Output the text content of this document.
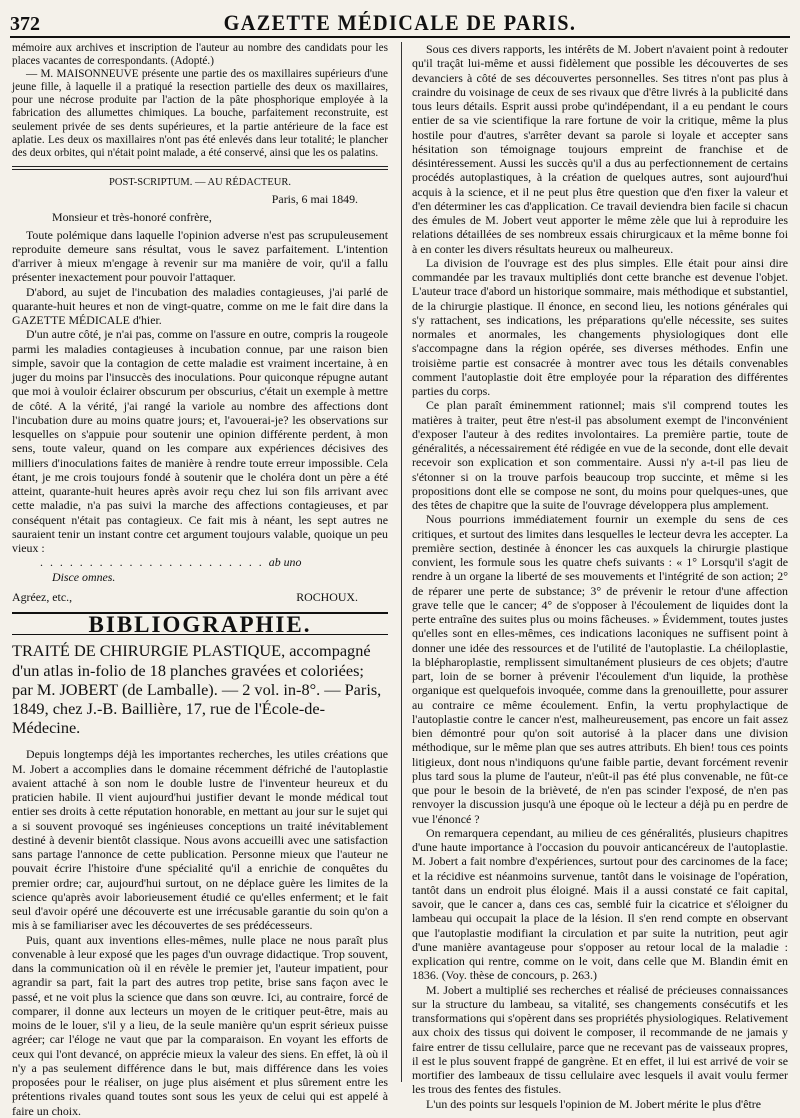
372	GAZETTE MÉDICALE DE PARIS.

mémoire aux archives et inscription de l'auteur au nombre des candidats pour les places vacantes de correspondants. (Adopté.)

— M. MAISONNEUVE présente une partie des os maxillaires supérieurs d'une jeune fille, à laquelle il a pratiqué la resection partielle des deux os maxillaires, pour une nécrose produite par l'action de la pâte phosphorique employée à la fabrication des allumettes chimiques. La bouche, parfaitement reconstruite, est seulement privée de ses dents supérieures, et la partie antérieure de la face est aplatie. Les deux os maxillaires n'ont pas été enlevés dans leur totalité; le plancher des deux orbites, qui n'était point malade, a été conservé, ainsi que les os palatins.

POST-SCRIPTUM. — AU RÉDACTEUR.

Paris, 6 mai 1849.

Monsieur et très-honoré confrère,

Toute polémique dans laquelle l'opinion adverse n'est pas scrupuleusement reproduite demeure sans résultat, vous le savez parfaitement. L'intention d'arriver à mieux m'engage à revenir sur ma manière de voir, qu'il a fallu présenter inexactement pour pouvoir l'attaquer.

D'abord, au sujet de l'incubation des maladies contagieuses, j'ai parlé de quarante-huit heures et non de vingt-quatre, comme on me le fait dire dans la GAZETTE MÉDICALE d'hier.

D'un autre côté, je n'ai pas, comme on l'assure en outre, compris la rougeole parmi les maladies contagieuses à incubation connue, par une raison bien simple, savoir que la contagion de cette maladie est vraiment incertaine, à en juger du moins par l'insuccès des inoculations. Pour quiconque répugne autant que moi à vouloir éclairer obscurum per obscurius, c'était un exemple à mettre de côté. A la vérité, j'ai rangé la variole au nombre des affections dont l'incubation dure au moins quatre jours; et, l'avouerai-je? les observations sur lesquelles on s'appuie pour soutenir une opinion différente perdent, à mon sens, toute valeur, quand on les compare aux expériences décisives des milliers d'inoculations faites de manière à rendre toute erreur impossible. Cela étant, je me crois toujours fondé à soutenir que le choléra dont un père a été atteint, quarante-huit heures après avoir reçu chez lui son fils arrivant avec cette maladie, n'a pas suivi la marche des affections contagieuses, et par conséquent n'était pas contagieux. Ce fait mis à néant, les sept autres ne sauraient tenir un instant contre cet argument toujours valable, quoique un peu vieux :

. . . . . . . . . . . . . . . . . . . . . . . ab uno

Disce omnes.

Agréez, etc.,	ROCHOUX.
BIBLIOGRAPHIE.

TRAITÉ DE CHIRURGIE PLASTIQUE, accompagné d'un atlas in-folio de 18 planches gravées et coloriées; par M. JOBERT (de Lamballe). — 2 vol. in-8°. — Paris, 1849, chez J.-B. Baillière, 17, rue de l'École-de-Médecine.

Depuis longtemps déjà les importantes recherches, les utiles créations que M. Jobert a accomplies dans le domaine récemment défriché de l'autoplastie avaient attaché à son nom le double lustre de l'inventeur heureux et du praticien habile. Il vient aujourd'hui justifier devant le monde médical tout entier ses droits à cette réputation honorable, en mettant au jour sur le sujet qui a si souvent provoqué ses ingénieuses conceptions un traité inévitablement destiné à devenir bientôt classique. Nous avons accueilli avec une satisfaction sans partage l'annonce de cette publication. Personne mieux que l'auteur ne pouvait écrire l'histoire d'une spécialité qu'il a enrichie de conquêtes du premier ordre; car, aujourd'hui surtout, on ne déplace guère les limites de la science qu'après avoir laborieusement étudié ce qu'elles enferment; et le fait seul d'avoir opéré une découverte est une irrécusable garantie du soin qu'on a mis à se familiariser avec les découvertes de ses prédécesseurs.

Puis, quant aux inventions elles-mêmes, nulle place ne nous paraît plus convenable à leur exposé que les pages d'un ouvrage didactique. Trop souvent, dans la communication où il en révèle le premier jet, l'auteur impatient, pour agrandir sa part, fait la part des autres trop petite, brise sans façon avec le passé, et ne voit plus la science que dans son œuvre. Ici, au contraire, forcé de comparer, il donne aux lecteurs un moyen de le critiquer peut-être, mais au moins de le louer, s'il y a lieu, de la seule manière qu'un esprit sérieux puisse agréer; car l'éloge ne vaut que par la comparaison. En voyant les efforts de ceux qui l'ont devancé, on apprécie mieux la valeur des siens. En effet, là où il n'y a pas seulement différence dans le but, mais différence dans les voies proposées pour le réaliser, on juge plus aisément et plus sûrement entre les prétentions rivales quand toutes sont sous les yeux de celui qui est appelé à faire un choix.

Sous ces divers rapports, les intérêts de M. Jobert n'avaient point à redouter qu'il traçât lui-même et aussi fidèlement que possible les découvertes de ses devanciers à côté de ses découvertes personnelles. Ses titres n'ont pas plus à craindre du voisinage de ceux de ses rivaux que d'être livrés à la publicité dans tous leurs détails. Esprit aussi probe qu'indépendant, il a eu pendant le cours entier de sa vie scientifique la rare fortune de voir la critique, même la plus hostile pour d'autres, s'arrêter devant sa parole si loyale et accepter sans hésitation son témoignage toujours empreint de franchise et de désintéressement. Aussi les succès qu'il a dus au perfectionnement de certains procédés autoplastiques, à la création de quelques autres, sont aujourd'hui acquis à la science, et il ne peut plus être question que d'en fixer la valeur et d'en déterminer les cas d'application. Ce travail deviendra bien facile si chacun des émules de M. Jobert veut apporter le même zèle que lui à reproduire les relations détaillées de ses nombreux essais chirurgicaux et la même bonne foi à en conter les divers résultats heureux ou malheureux.

La division de l'ouvrage est des plus simples. Elle était pour ainsi dire commandée par les travaux multipliés dont cette branche est devenue l'objet. L'auteur trace d'abord un historique sommaire, mais méthodique et substantiel, de la chirurgie plastique. Il énonce, en second lieu, les notions générales qui s'y rattachent, ses indications, les préparations qu'elle nécessite, ses suites normales et anormales, les changements physiologiques dont elle s'accompagne dans la région opérée, ses diverses méthodes. Enfin une troisième partie est consacrée à montrer avec tous les détails convenables comment l'autoplastie doit être employée pour la réparation des différentes parties du corps.

Ce plan paraît éminemment rationnel; mais s'il comprend toutes les matières à traiter, peut être n'est-il pas absolument exempt de l'inconvénient d'exposer l'auteur à des redites involontaires. La première partie, toute de généralités, a nécessairement été rédigée en vue de la seconde, dont elle devait recevoir son explication et son commentaire. Aussi n'y a-t-il pas lieu de s'étonner si on la trouve parfois beaucoup trop succinte, et même si les propositions dont elle se compose ne sont, du moins pour quelques-unes, que des têtes de chapitre que la suite de l'ouvrage développera plus amplement.

Nous pourrions immédiatement fournir un exemple du sens de ces critiques, et surtout des limites dans lesquelles le lecteur devra les accepter. La première section, destinée à énoncer les cas auxquels la chirurgie plastique convient, les formule sous les quatre chefs suivants : « 1° Lorsqu'il s'agit de rendre à un organe la liberté de ses mouvements et l'intégrité de son action; 2° de réparer une perte de substance; 3° de prévenir le retour d'une affection grave telle que le cancer; 4° de s'opposer à l'écoulement de liquides dont la perte entraîne des suites plus ou moins fâcheuses. » Évidemment, toutes justes qu'elles sont en elles-mêmes, ces indications laconiques ne suffisent point à donner une idée des ressources et de l'utilité de l'autoplastie. La chéiloplastie, la blépharoplastie, remplissent simultanément plusieurs de ces objets; d'autre part, loin de se borner à prévenir l'écoulement d'un liquide, la prothèse organique est quelquefois invoquée, comme dans la grenouillette, pour assurer au contraire ce même écoulement. Enfin, la vertu prophylactique de l'autoplastie contre le cancer n'est, malheureusement, pas encore un fait assez bien démontré pour qu'on soit autorisé à la placer dans une division méthodique, sur le même plan que ses autres attributs. Eh bien! tous ces points litigieux, dont nous n'indiquons qu'une faible partie, devant forcément revenir plus tard sous la plume de l'auteur, n'eût-il pas été plus convenable, ne fût-ce que pour le besoin de la brièveté, de n'en pas scinder l'exposé, de n'en pas renvoyer la discussion jusqu'à une époque où le lecteur a déjà pu en perdre de vue l'énoncé ?

On remarquera cependant, au milieu de ces généralités, plusieurs chapitres d'une haute importance à l'occasion du pouvoir anticancéreux de l'autoplastie. M. Jobert a fait nombre d'expériences, surtout pour des carcinomes de la face; et la récidive est néanmoins survenue, tantôt dans le voisinage de l'opération, tantôt dans un endroit plus éloigné. Mais il a aussi constaté ce fait capital, savoir, que le cancer a, dans ces cas, semblé fuir la cicatrice et s'éloigner du lambeau qui occupait la place de la lésion. Il s'en rend compte en observant que l'autoplastie modifiant la circulation et par suite la nutrition, peut agir d'une manière avantageuse pour s'opposer au retour local de la maladie : explication qui rentre, comme on le voit, dans celle que M. Blandin émit en 1836. (Voy. thèse de concours, p. 263.)

M. Jobert a multiplié ses recherches et réalisé de précieuses connaissances sur la structure du lambeau, sa vitalité, ses changements consécutifs et les transformations qui s'opèrent dans ses propriétés physiologiques. Relativement aux choix des tissus qui doivent le composer, il recommande de ne jamais y faire entrer de tissu cellulaire, parce que ne recevant pas de vaisseaux propres, il est le plus souvent frappé de gangrène. Et en effet, il lui est arrivé de voir se mortifier des lambeaux de tissu cellulaire avec lesquels il avait voulu fermer les trous des fentes des fistules.

L'un des points sur lesquels l'opinion de M. Jobert mérite le plus d'être
